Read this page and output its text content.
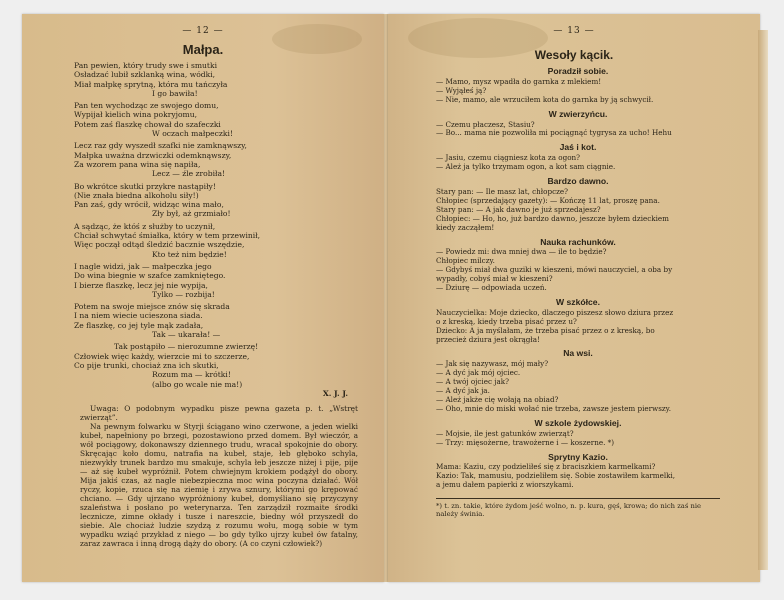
— 12 —
Małpa.
Pan pewien, który trudy swe i smutki
Osładzać lubił szklanką wina, wódki,
Miał małpkę sprytną, która mu tańczyła
I go bawiła!
Pan ten wychodząc ze swojego domu,
Wypijał kielich wina pokryjomu,
Potem zaś flaszkę chował do szafeczki
W oczach małpeczki!
Lecz raz gdy wyszedł szafki nie zamknąwszy,
Małpka uważna drzwiczki odemknąwszy,
Za wzorem pana wina się napiła,
Lecz — źle zrobiła!
Bo wkrótce skutki przykre nastąpiły!
(Nie znała biedna alkoholu siły!)
Pan zaś, gdy wrócił, widząc wina mało,
Zły był, aż grzmiało!
A sądząc, że któś z służby to uczynił,
Chciał schwytać śmiałka, który w tem przewinił,
Więc począł odtąd śledzić bacznie wszędzie,
Kto też nim będzie!
I nagle widzi, jak — małpeczka jego
Do wina biegnie w szafce zamkniętego.
I bierze flaszkę, lecz jej nie wypija,
Tylko — rozbija!
Potem na swoje miejsce znów się skrada
I na niem wiecie ucieszona siada.
Ze flaszkę, co jej tyle mąk zadała,
Tak — ukarała! —
Tak postąpiło — nierozumne zwierzę!
Człowiek więc każdy, wierzcie mi to szczerze,
Co pije trunki, chociaż zna ich skutki,
Rozum ma — krótki!
(albo go wcale nie ma!)
X. J. J.

Uwaga: O podobnym wypadku pisze pewna gazeta p. t. „Wstręt zwierząt”.

Na pewnym folwarku w Styrji ściągano wino czerwone, a jeden wielki kubeł, napełniony po brzegi, pozostawiono przed domem. Był wieczór, a wół pociągowy, dokonawszy dziennego trudu, wracał spokojnie do obory. Skręcając koło domu, natrafia na kubeł, staje, łeb głęboko schyla, niezwykły trunek bardzo mu smakuje, schyla łeb jeszcze niżej i pije, pije — aż się kubeł wypróżnił. Potem chwiejnym krokiem podążył do obory. Mija jakiś czas, aż nagle niebezpieczna moc wina poczyna działać. Wół ryczy, kopie, rzuca się na ziemię i zrywa sznury, którymi go krępować chciano. — Gdy ujrzano wypróżniony kubeł, domyśliano się przyczyny szaleństwa i posłano po weterynarza. Ten zarządził rozmaite środki lecznicze, zimne okłady i tusze i nareszcie, biedny wół przyszedł do siebie. Ale chociaż ludzie szydzą z rozumu wołu, mogą sobie w tym wypadku wziąć przykład z niego — bo gdy tylko ujrzy kubeł ów fatalny, zaraz zawraca i inną drogą dąży do obory. (A co czyni człowiek?)

— 13 —
Wesoły kącik.
Poradził sobie.
— Mamo, mysz wpadła do garnka z mlekiem!
— Wyjąłeś ją?
— Nie, mamo, ale wrzuciłem kota do garnka by ją schwycił.
W zwierzyńcu.
— Czemu płaczesz, Stasiu?
— Bo... mama nie pozwoliła mi pociągnąć tygrysa za ucho! Hehu
Jaś i kot.
— Jasiu, czemu ciągniesz kota za ogon?
— Ależ ja tylko trzymam ogon, a kot sam ciągnie.
Bardzo dawno.
Stary pan: — Ile masz lat, chłopcze?
Chłopiec (sprzedający gazety): — Kończę 11 lat, proszę pana.
Stary pan: — A jak dawno je już sprzedajesz?
Chłopiec: — Ho, ho, już bardzo dawno, jeszcze byłem dzieckiem
kiedy zacząłem!
Nauka rachunków.
— Powiedz mi: dwa mniej dwa — ile to będzie?
Chłopiec milczy.
— Gdybyś miał dwa guziki w kieszeni, mówi nauczyciel, a oba by
wypadły, cobyś miał w kieszeni?
— Dziurę — odpowiada uczeń.
W szkółce.
Nauczycielka: Moje dziecko, dlaczego piszesz słowo dziura przez
o z kreską, kiedy trzeba pisać przez u?
Dziecko: A ja myślałam, że trzeba pisać przez o z kreską, bo
przecież dziura jest okrągła!
Na wsi.
— Jak się nazywasz, mój mały?
— A dyć jak mój ojciec.
— A twój ojciec jak?
— A dyć jak ja.
— Ależ jakże cię wołają na obiad?
— Oho, mnie do miski wołać nie trzeba, zawsze jestem pierwszy.
W szkole żydowskiej.
— Mojsie, ile jest gatunków zwierząt?
— Trzy: mięsożerne, trawożerne i — koszerne. *)
Sprytny Kazio.
Mama: Kaziu, czy podzieliłeś się z braciszkiem karmelkami?
Kazio: Tak, mamusiu, podzieliłem się. Sobie zostawiłem karmelki,
a jemu dałem papierki z wiorszykami.
*) t. zn. takie, które żydom jeść wolno, n. p. kura, gęś, krowa; do nich zaś nie należy świnia.
